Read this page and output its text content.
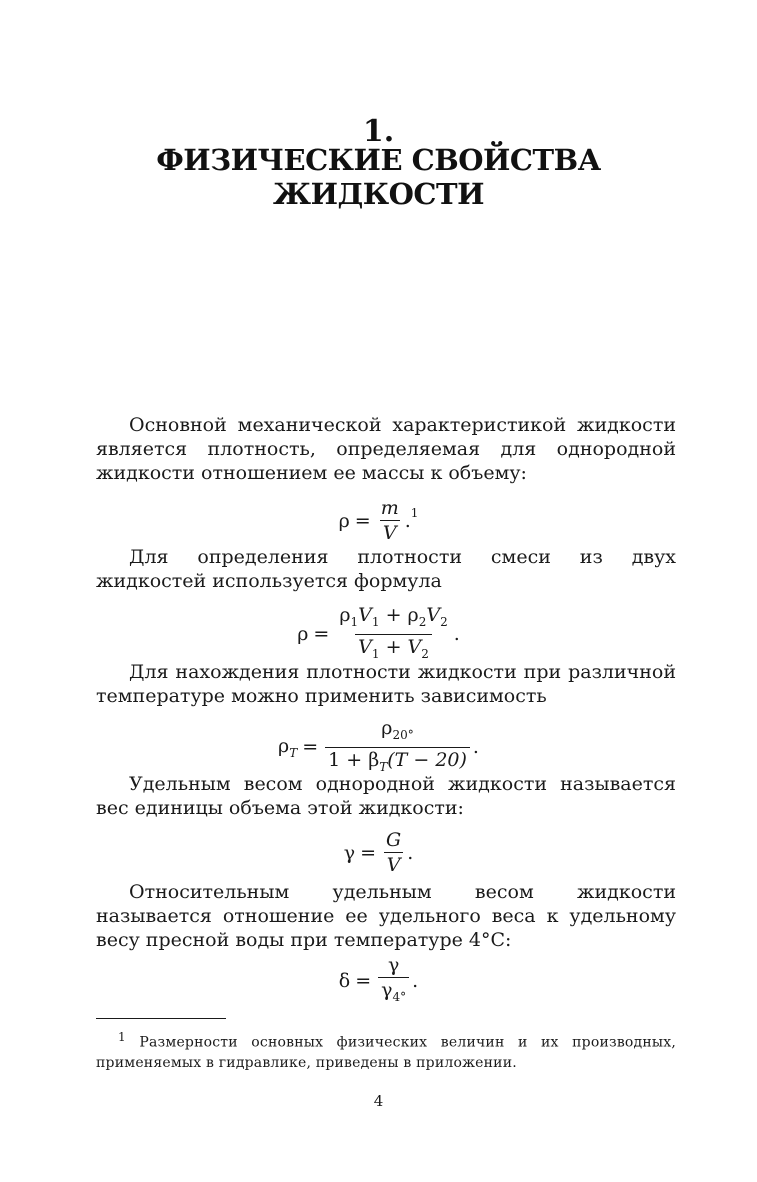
1.
ФИЗИЧЕСКИЕ СВОЙСТВА
ЖИДКОСТИ

Основной механической характеристикой жидкости является плотность, определяемая для однородной жидкости отношением ее массы к объему:

$\rho = \frac{m}{V} .^1$

Для определения плотности смеси из двух жидкостей используется формула

$\rho = \frac{\rho_1V_1 + \rho_2V_2}{V_1 + V_2}$ .

Для нахождения плотности жидкости при различной температуре можно применить зависимость

$\rho_T = \frac{\rho_{20^\circ}}{1 + \beta_T(T - 20)}$ .

Удельным весом однородной жидкости называется вес единицы объема этой жидкости:

$\gamma = \frac{G}{V}$ .

Относительным удельным весом жидкости называется отношение ее удельного веса к удельному весу пресной воды при температуре 4°С:

$\delta = \frac{\gamma}{\gamma_{4^\circ}}$ .

$^1$ Размерности основных физических величин и их производных, применяемых в гидравлике, приведены в приложении.

4
